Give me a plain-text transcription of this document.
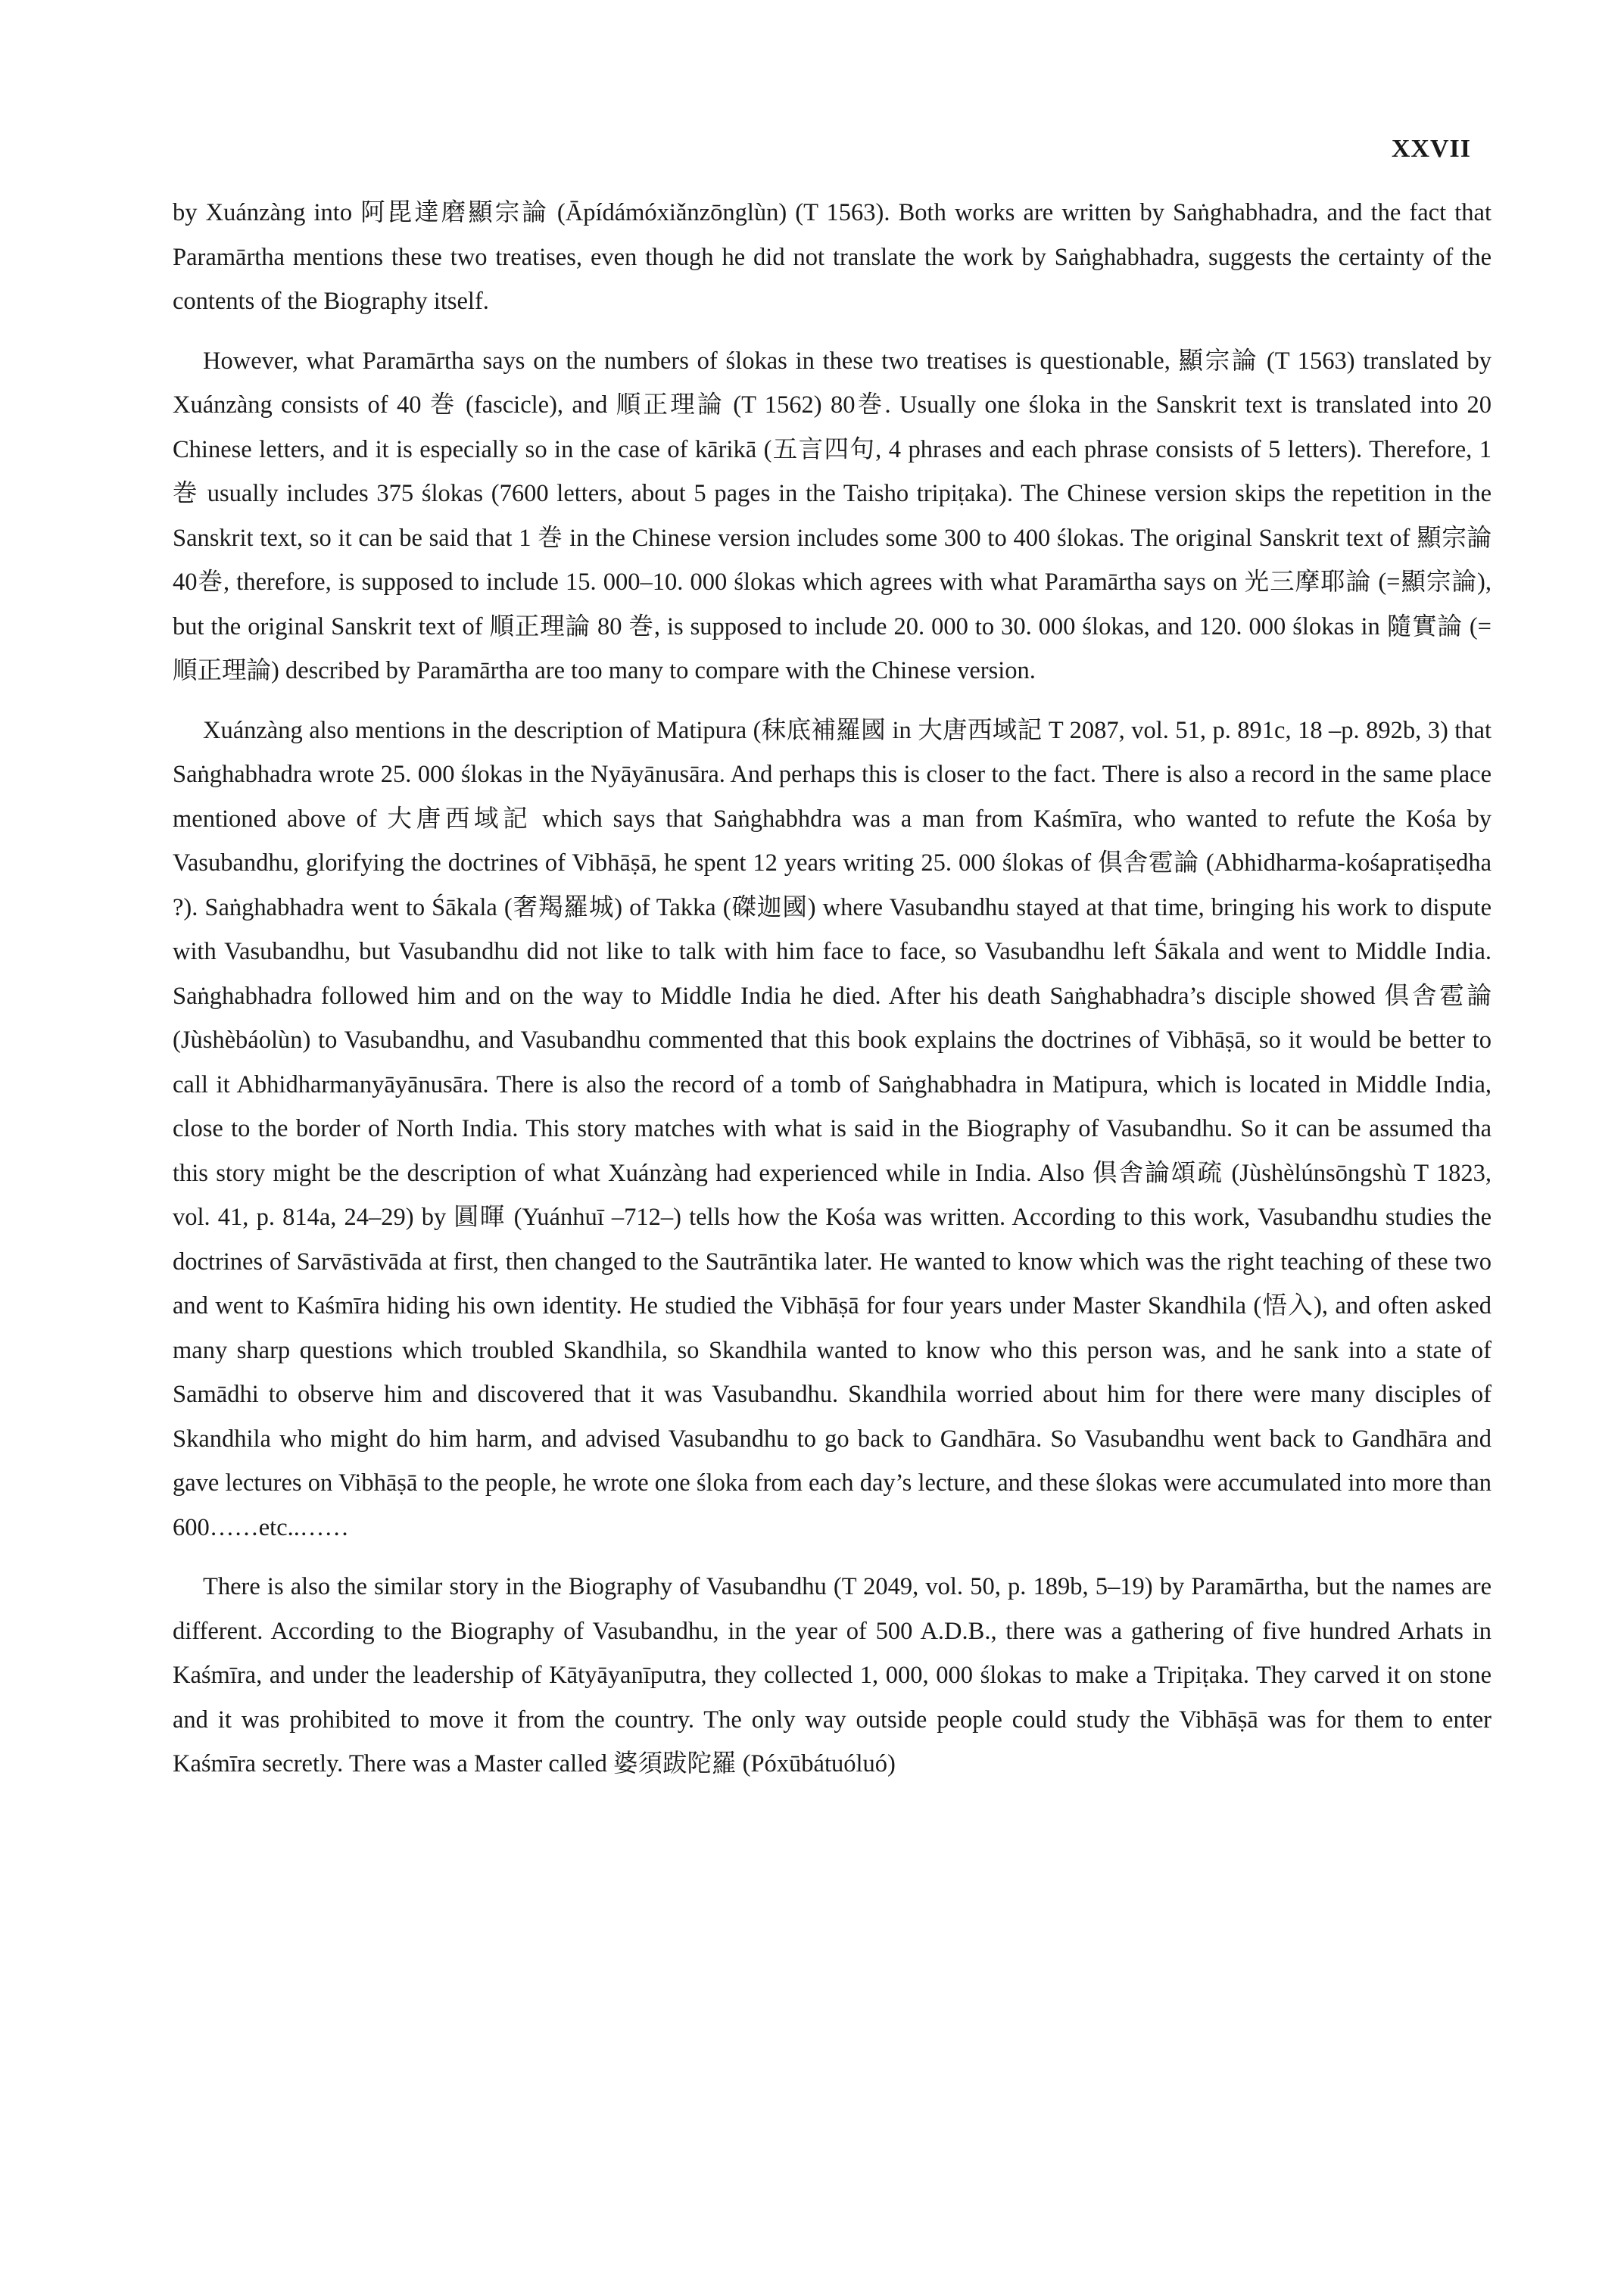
XXVII

by Xuánzàng into 阿毘達磨顯宗論 (Āpídámóxiǎnzōnglùn) (T 1563). Both works are written by Saṅghabhadra, and the fact that Paramārtha mentions these two treatises, even though he did not translate the work by Saṅghabhadra, suggests the certainty of the contents of the Biography itself.

However, what Paramārtha says on the numbers of ślokas in these two treatises is questionable, 顯宗論 (T 1563) translated by Xuánzàng consists of 40 巻 (fascicle), and 順正理論 (T 1562) 80巻. Usually one śloka in the Sanskrit text is translated into 20 Chinese letters, and it is especially so in the case of kārikā (五言四句, 4 phrases and each phrase consists of 5 letters). Therefore, 1 巻 usually includes 375 ślokas (7600 letters, about 5 pages in the Taisho tripiṭaka). The Chinese version skips the repetition in the Sanskrit text, so it can be said that 1 巻 in the Chinese version includes some 300 to 400 ślokas. The original Sanskrit text of 顯宗論 40巻, therefore, is supposed to include 15. 000–10. 000 ślokas which agrees with what Paramārtha says on 光三摩耶論 (=顯宗論), but the original Sanskrit text of 順正理論 80 巻, is supposed to include 20. 000 to 30. 000 ślokas, and 120. 000 ślokas in 隨實論 (=順正理論) described by Paramārtha are too many to compare with the Chinese version.

Xuánzàng also mentions in the description of Matipura (秣底補羅國 in 大唐西域記 T 2087, vol. 51, p. 891c, 18 –p. 892b, 3) that Saṅghabhadra wrote 25. 000 ślokas in the Nyāyānusāra. And perhaps this is closer to the fact. There is also a record in the same place mentioned above of 大唐西域記 which says that Saṅghabhdra was a man from Kaśmīra, who wanted to refute the Kośa by Vasubandhu, glorifying the doctrines of Vibhāṣā, he spent 12 years writing 25. 000 ślokas of 倶舎雹論 (Abhidharma-kośapratiṣedha ?). Saṅghabhadra went to Śākala (奢羯羅城) of Takka (磔迦國) where Vasubandhu stayed at that time, bringing his work to dispute with Vasubandhu, but Vasubandhu did not like to talk with him face to face, so Vasubandhu left Śākala and went to Middle India. Saṅghabhadra followed him and on the way to Middle India he died. After his death Saṅghabhadra’s disciple showed 倶舎雹論 (Jùshèbáolùn) to Vasubandhu, and Vasubandhu commented that this book explains the doctrines of Vibhāṣā, so it would be better to call it Abhidharmanyāyānusāra. There is also the record of a tomb of Saṅghabhadra in Matipura, which is located in Middle India, close to the border of North India. This story matches with what is said in the Biography of Vasubandhu. So it can be assumed tha this story might be the description of what Xuánzàng had experienced while in India. Also 倶舎論頌疏 (Jùshèlúnsōngshù T 1823, vol. 41, p. 814a, 24–29) by 圓暉 (Yuánhuī –712–) tells how the Kośa was written. According to this work, Vasubandhu studies the doctrines of Sarvāstivāda at first, then changed to the Sautrāntika later. He wanted to know which was the right teaching of these two and went to Kaśmīra hiding his own identity. He studied the Vibhāṣā for four years under Master Skandhila (悟入), and often asked many sharp questions which troubled Skandhila, so Skandhila wanted to know who this person was, and he sank into a state of Samādhi to observe him and discovered that it was Vasubandhu. Skandhila worried about him for there were many disciples of Skandhila who might do him harm, and advised Vasubandhu to go back to Gandhāra. So Vasubandhu went back to Gandhāra and gave lectures on Vibhāṣā to the people, he wrote one śloka from each day’s lecture, and these ślokas were accumulated into more than 600……etc..……

There is also the similar story in the Biography of Vasubandhu (T 2049, vol. 50, p. 189b, 5–19) by Paramārtha, but the names are different. According to the Biography of Vasubandhu, in the year of 500 A.D.B., there was a gathering of five hundred Arhats in Kaśmīra, and under the leadership of Kātyāyanīputra, they collected 1, 000, 000 ślokas to make a Tripiṭaka. They carved it on stone and it was prohibited to move it from the country. The only way outside people could study the Vibhāṣā was for them to enter Kaśmīra secretly. There was a Master called 婆須跋陀羅 (Póxūbátuóluó)
